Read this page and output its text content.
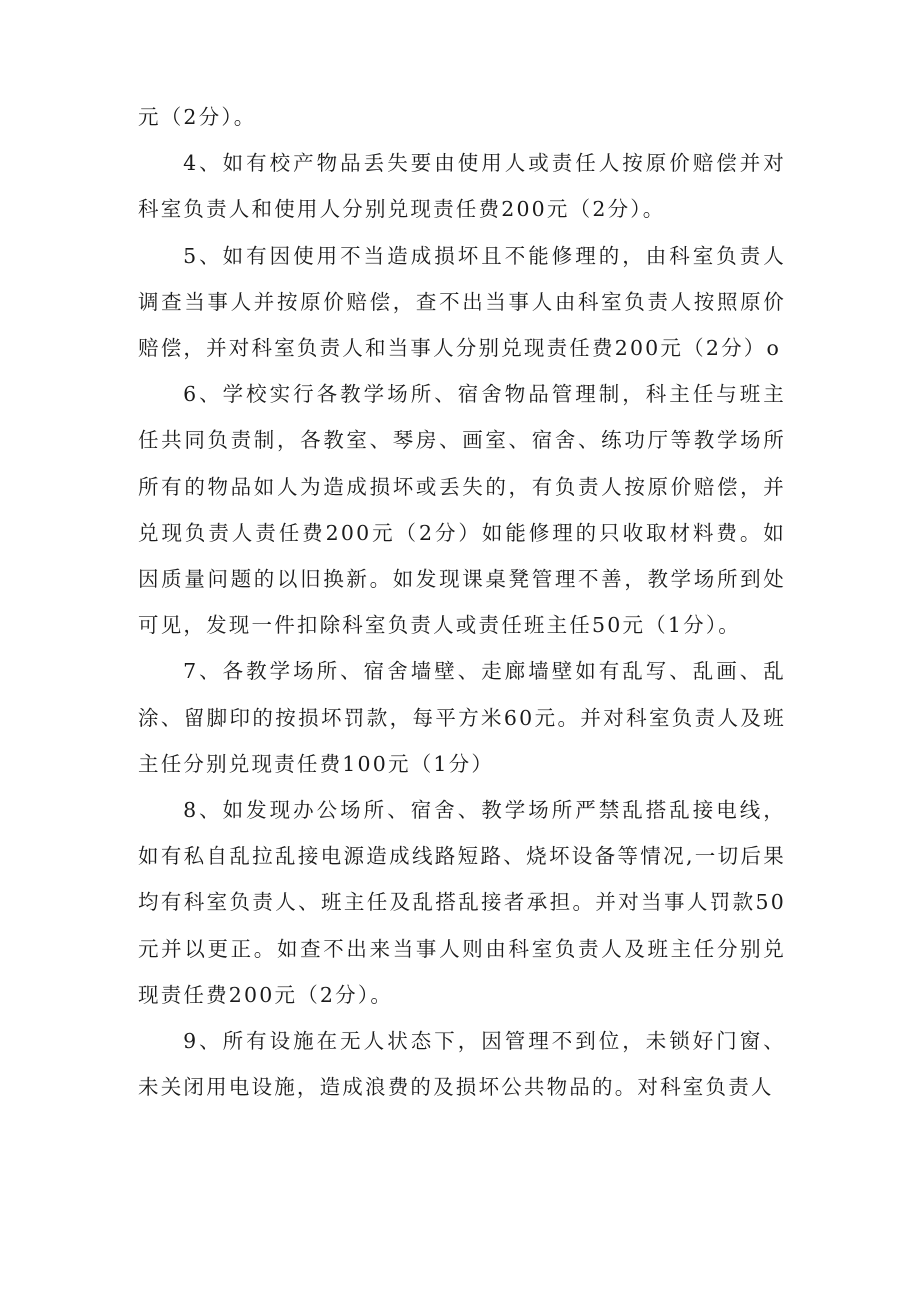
元（2分）。

4、如有校产物品丢失要由使用人或责任人按原价赔偿并对科室负责人和使用人分别兑现责任费200元（2分）。

5、如有因使用不当造成损坏且不能修理的，由科室负责人调查当事人并按原价赔偿，查不出当事人由科室负责人按照原价赔偿，并对科室负责人和当事人分别兑现责任费200元（2分）o

6、学校实行各教学场所、宿舍物品管理制，科主任与班主任共同负责制，各教室、琴房、画室、宿舍、练功厅等教学场所所有的物品如人为造成损坏或丢失的，有负责人按原价赔偿，并兑现负责人责任费200元（2分）如能修理的只收取材料费。如因质量问题的以旧换新。如发现课桌凳管理不善，教学场所到处可见，发现一件扣除科室负责人或责任班主任50元（1分）。

7、各教学场所、宿舍墙壁、走廊墙壁如有乱写、乱画、乱涂、留脚印的按损坏罚款，每平方米60元。并对科室负责人及班主任分别兑现责任费100元（1分）

8、如发现办公场所、宿舍、教学场所严禁乱搭乱接电线，如有私自乱拉乱接电源造成线路短路、烧坏设备等情况,一切后果均有科室负责人、班主任及乱搭乱接者承担。并对当事人罚款50元并以更正。如查不出来当事人则由科室负责人及班主任分别兑现责任费200元（2分）。

9、所有设施在无人状态下，因管理不到位，未锁好门窗、未关闭用电设施，造成浪费的及损坏公共物品的。对科室负责人
